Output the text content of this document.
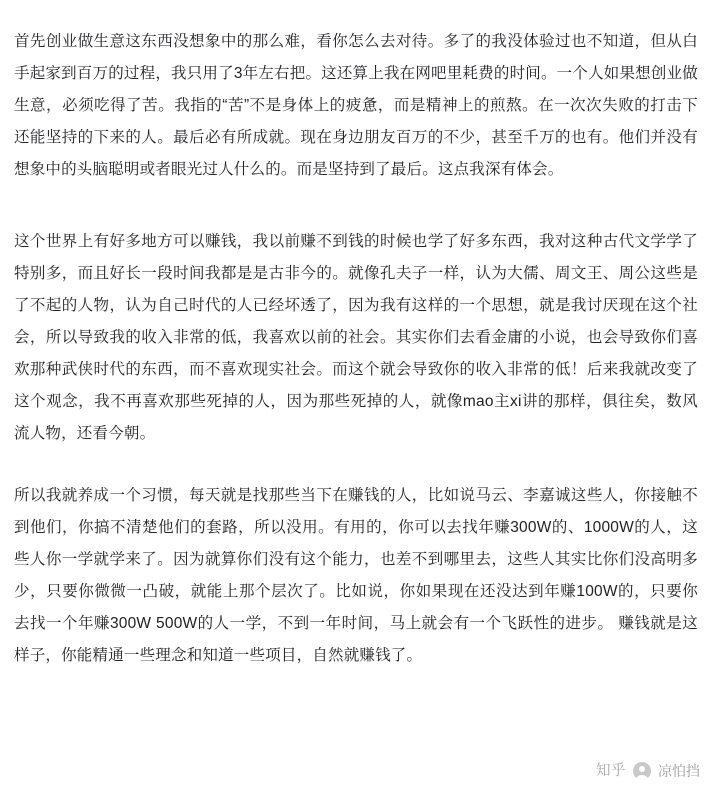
首先创业做生意这东西没想象中的那么难，看你怎么去对待。多了的我没体验过也不知道，但从白手起家到百万的过程，我只用了3年左右把。这还算上我在网吧里耗费的时间。一个人如果想创业做生意，必须吃得了苦。我指的“苦”不是身体上的疲惫，而是精神上的煎熬。在一次次失败的打击下还能坚持的下来的人。最后必有所成就。现在身边朋友百万的不少，甚至千万的也有。他们并没有想象中的头脑聪明或者眼光过人什么的。而是坚持到了最后。这点我深有体会。

这个世界上有好多地方可以赚钱，我以前赚不到钱的时候也学了好多东西，我对这种古代文学学了特别多，而且好长一段时间我都是是古非今的。就像孔夫子一样，认为大儒、周文王、周公这些是了不起的人物，认为自己时代的人已经坏透了，因为我有这样的一个思想，就是我讨厌现在这个社会，所以导致我的收入非常的低，我喜欢以前的社会。其实你们去看金庸的小说，也会导致你们喜欢那种武侠时代的东西，而不喜欢现实社会。而这个就会导致你的收入非常的低！后来我就改变了这个观念，我不再喜欢那些死掉的人，因为那些死掉的人，就像mao主xi讲的那样，俱往矣，数风流人物，还看今朝。

所以我就养成一个习惯，每天就是找那些当下在赚钱的人，比如说马云、李嘉诚这些人，你接触不到他们，你搞不清楚他们的套路，所以没用。有用的，你可以去找年赚300W的、1000W的人，这些人你一学就学来了。因为就算你们没有这个能力，也差不到哪里去，这些人其实比你们没高明多少，只要你微微一凸破，就能上那个层次了。比如说，你如果现在还没达到年赚100W的，只要你去找一个年赚300W 500W的人一学，不到一年时间，马上就会有一个飞跃性的进步。 赚钱就是这样子，你能精通一些理念和知道一些项目，自然就赚钱了。

知乎 凉怕挡
